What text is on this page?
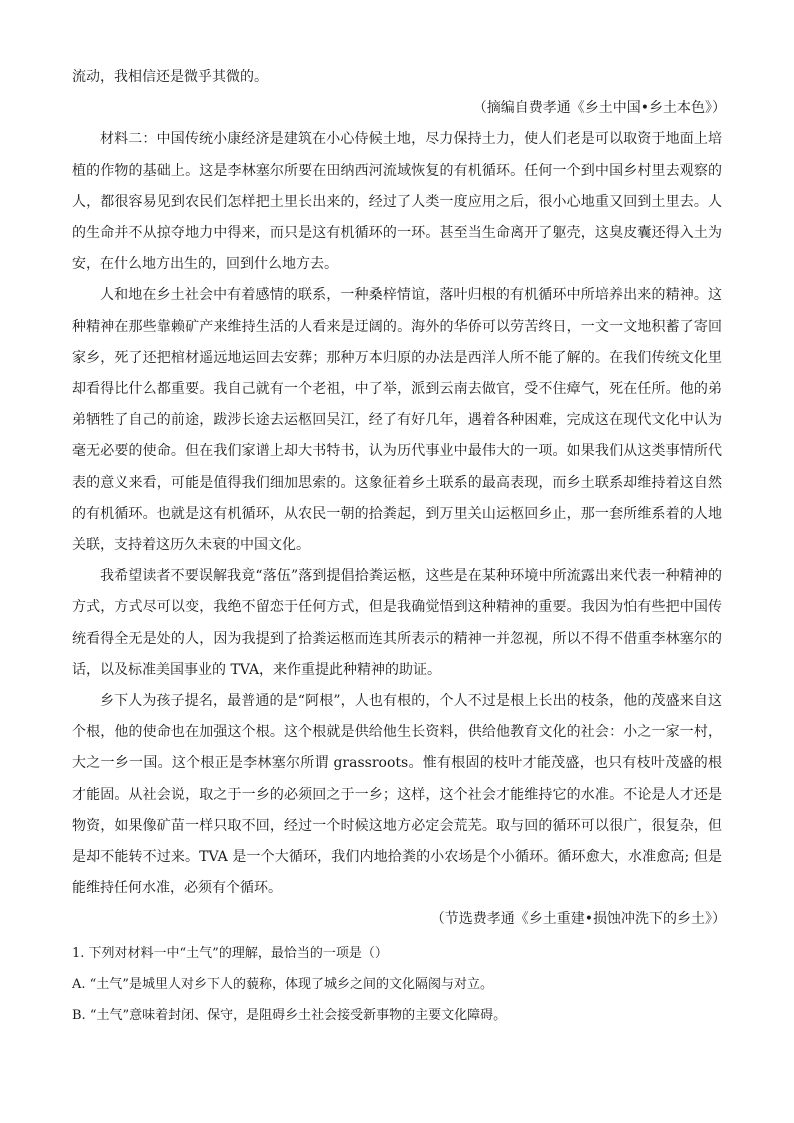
流动，我相信还是微乎其微的。

（摘编自费孝通《乡土中国•乡土本色》）

材料二：中国传统小康经济是建筑在小心侍候土地，尽力保持土力，使人们老是可以取资于地面上培植的作物的基础上。这是李林塞尔所要在田纳西河流域恢复的有机循环。任何一个到中国乡村里去观察的人，都很容易见到农民们怎样把土里长出来的，经过了人类一度应用之后，很小心地重又回到土里去。人的生命并不从掠夺地力中得来，而只是这有机循环的一环。甚至当生命离开了躯壳，这臭皮囊还得入土为安，在什么地方出生的，回到什么地方去。

人和地在乡土社会中有着感情的联系，一种桑梓情谊，落叶归根的有机循环中所培养出来的精神。这种精神在那些靠赖矿产来维持生活的人看来是迂阔的。海外的华侨可以劳苦终日，一文一文地积蓄了寄回家乡，死了还把棺材遥远地运回去安葬；那种万本归原的办法是西洋人所不能了解的。在我们传统文化里却看得比什么都重要。我自己就有一个老祖，中了举，派到云南去做官，受不住瘴气，死在任所。他的弟弟牺牲了自己的前途，跋涉长途去运柩回吴江，经了有好几年，遇着各种困难，完成这在现代文化中认为毫无必要的使命。但在我们家谱上却大书特书，认为历代事业中最伟大的一项。如果我们从这类事情所代表的意义来看，可能是值得我们细加思索的。这象征着乡土联系的最高表现，而乡土联系却维持着这自然的有机循环。也就是这有机循环，从农民一朝的拾粪起，到万里关山运柩回乡止，那一套所维系着的人地关联，支持着这历久未衰的中国文化。

我希望读者不要误解我竟“落伍”落到提倡拾粪运柩，这些是在某种环境中所流露出来代表一种精神的方式，方式尽可以变，我绝不留恋于任何方式，但是我确觉悟到这种精神的重要。我因为怕有些把中国传统看得全无是处的人，因为我提到了拾粪运柩而连其所表示的精神一并忽视，所以不得不借重李林塞尔的话，以及标准美国事业的 TVA，来作重提此种精神的助证。

乡下人为孩子提名，最普通的是“阿根”，人也有根的，个人不过是根上长出的枝条，他的茂盛来自这个根，他的使命也在加强这个根。这个根就是供给他生长资料，供给他教育文化的社会：小之一家一村，大之一乡一国。这个根正是李林塞尔所谓 grassroots。惟有根固的枝叶才能茂盛，也只有枝叶茂盛的根才能固。从社会说，取之于一乡的必须回之于一乡；这样，这个社会才能维持它的水准。不论是人才还是物资，如果像矿苗一样只取不回，经过一个时候这地方必定会荒芜。取与回的循环可以很广，很复杂，但是却不能转不过来。TVA 是一个大循环，我们内地拾粪的小农场是个小循环。循环愈大，水准愈高; 但是能维持任何水准，必须有个循环。

（节选费孝通《乡土重建•损蚀冲洗下的乡土》）

1. 下列对材料一中“土气”的理解，最恰当的一项是（）

A. “土气”是城里人对乡下人的藐称，体现了城乡之间的文化隔阂与对立。

B. “土气”意味着封闭、保守，是阻碍乡土社会接受新事物的主要文化障碍。
